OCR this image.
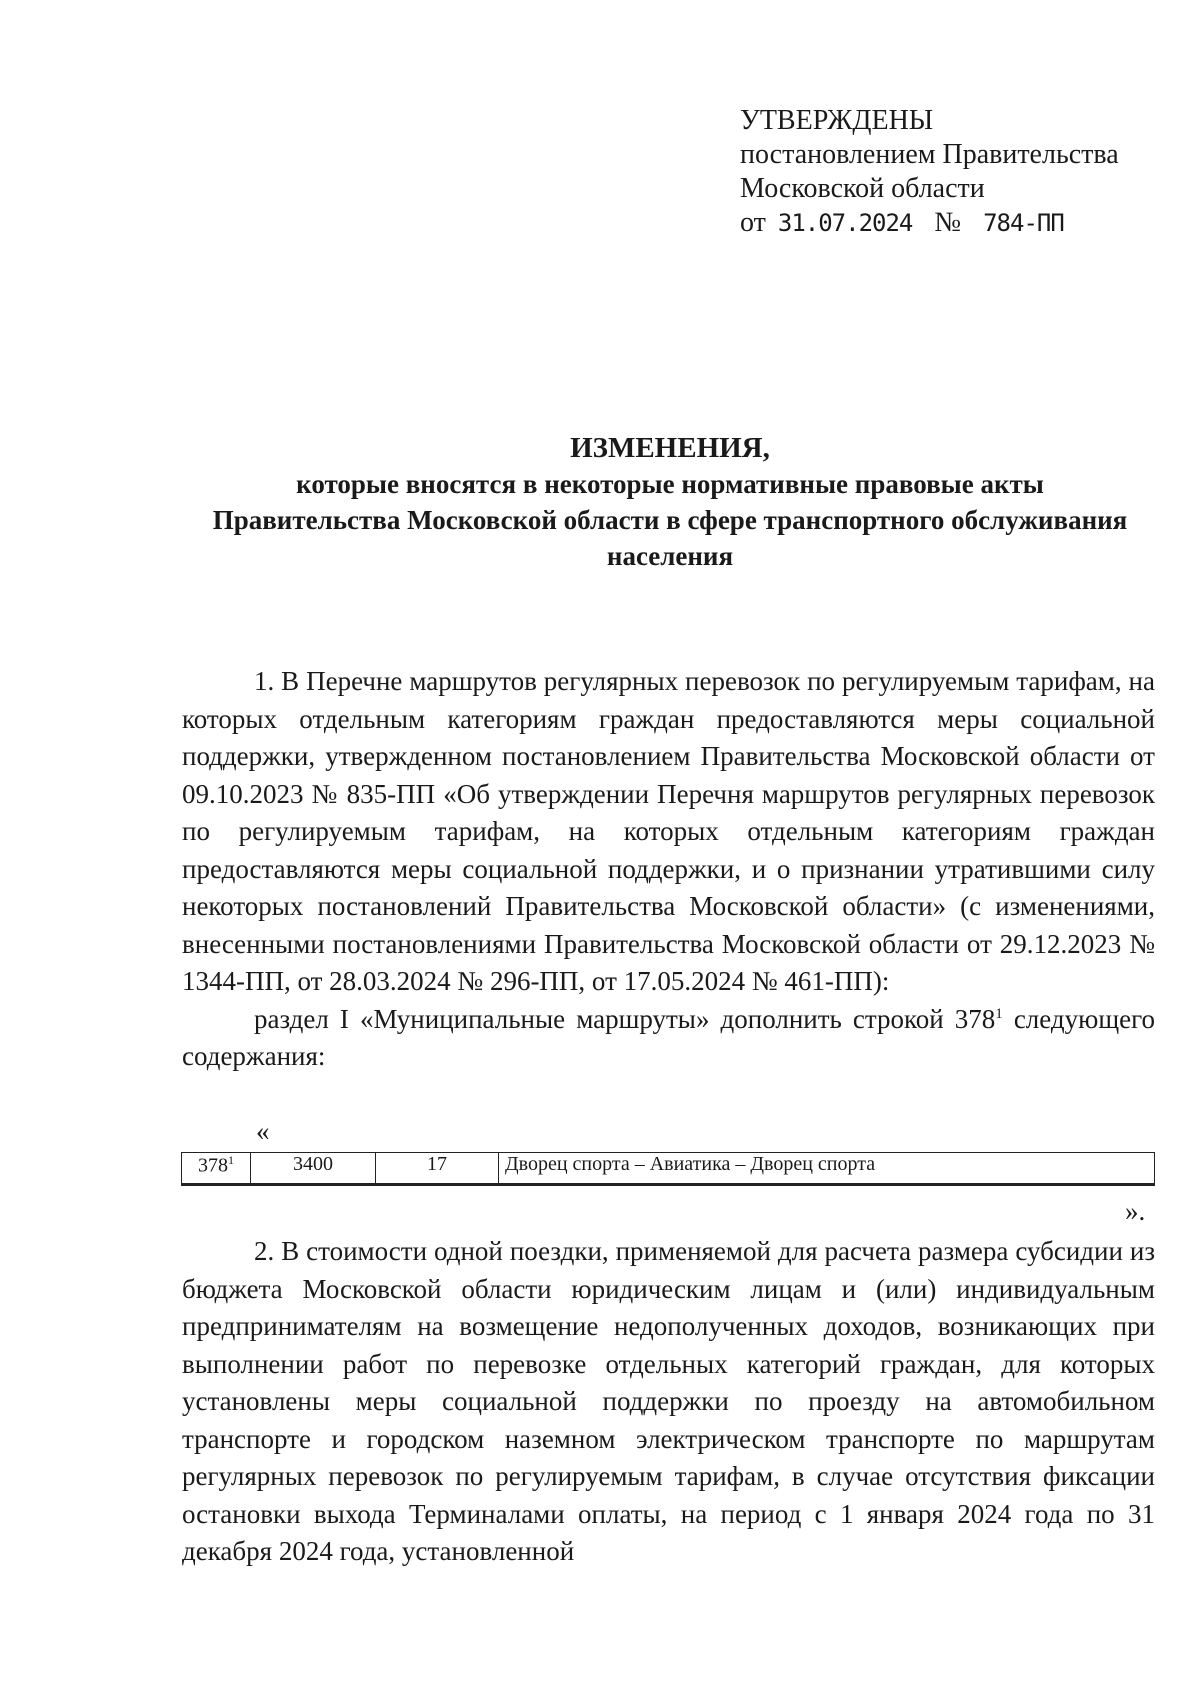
УТВЕРЖДЕНЫ
постановлением Правительства
Московской области
от 31.07.2024 № 784-ПП
ИЗМЕНЕНИЯ,
которые вносятся в некоторые нормативные правовые акты
Правительства Московской области в сфере транспортного обслуживания
населения

1. В Перечне маршрутов регулярных перевозок по регулируемым тарифам, на которых отдельным категориям граждан предоставляются меры социальной поддержки, утвержденном постановлением Правительства Московской области от 09.10.2023 № 835-ПП «Об утверждении Перечня маршрутов регулярных перевозок по регулируемым тарифам, на которых отдельным категориям граждан предоставляются меры социальной поддержки, и о признании утратившими силу некоторых постановлений Правительства Московской области» (с изменениями, внесенными постановлениями Правительства Московской области от 29.12.2023 № 1344-ПП, от 28.03.2024 № 296-ПП, от 17.05.2024 № 461-ПП):

раздел I «Муниципальные маршруты» дополнить строкой $378^1$ следующего содержания:

«
$378^1$	3400	17	Дворец спорта – Авиатика – Дворец спорта
».

2. В стоимости одной поездки, применяемой для расчета размера субсидии из бюджета Московской области юридическим лицам и (или) индивидуальным предпринимателям на возмещение недополученных доходов, возникающих при выполнении работ по перевозке отдельных категорий граждан, для которых установлены меры социальной поддержки по проезду на автомобильном транспорте и городском наземном электрическом транспорте по маршрутам регулярных перевозок по регулируемым тарифам, в случае отсутствия фиксации остановки выхода Терминалами оплаты, на период с 1 января 2024 года по 31 декабря 2024 года, установленной
